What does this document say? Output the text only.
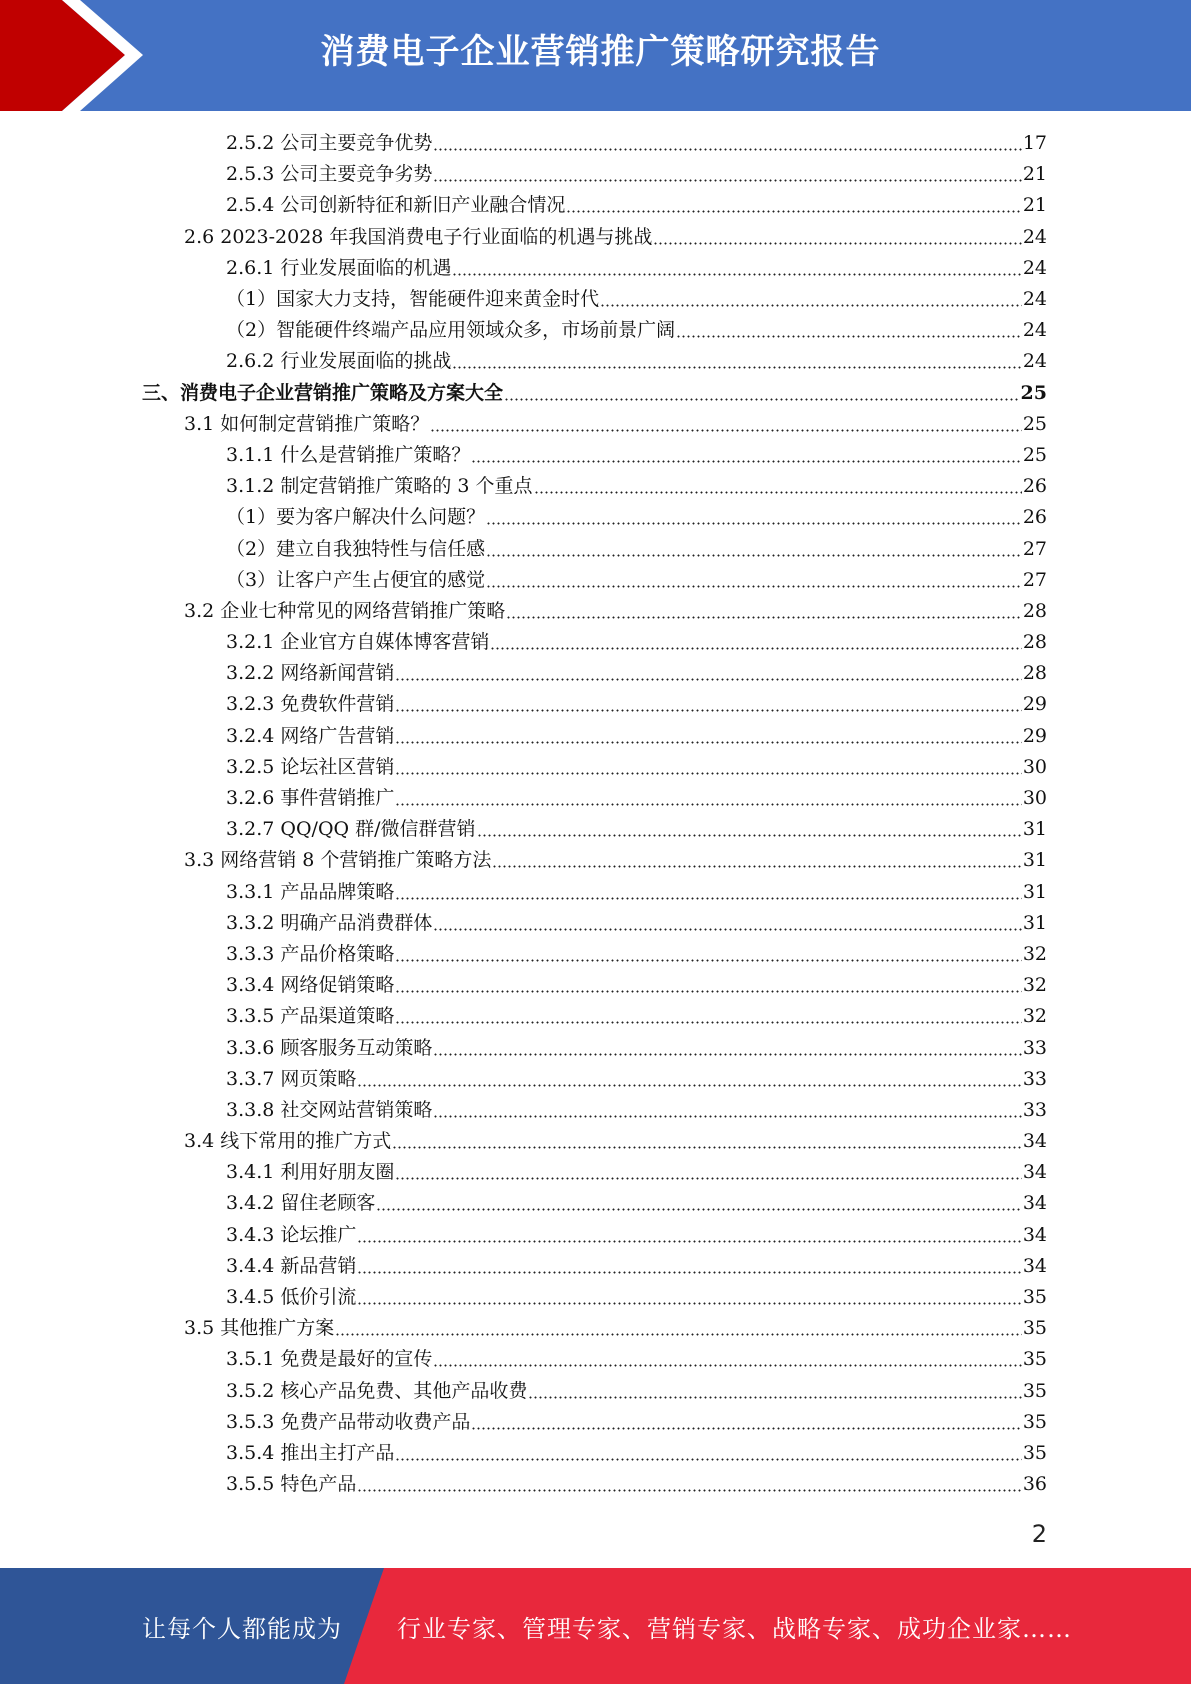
消费电子企业营销推广策略研究报告
2.5.2 公司主要竞争优势	17
2.5.3 公司主要竞争劣势	21
2.5.4 公司创新特征和新旧产业融合情况	21
2.6 2023-2028 年我国消费电子行业面临的机遇与挑战	24
2.6.1 行业发展面临的机遇	24
（1）国家大力支持，智能硬件迎来黄金时代	24
（2）智能硬件终端产品应用领域众多，市场前景广阔	24
2.6.2 行业发展面临的挑战	24
三、消费电子企业营销推广策略及方案大全	25
3.1 如何制定营销推广策略？	25
3.1.1 什么是营销推广策略？	25
3.1.2 制定营销推广策略的 3 个重点	26
（1）要为客户解决什么问题？	26
（2）建立自我独特性与信任感	27
（3）让客户产生占便宜的感觉	27
3.2 企业七种常见的网络营销推广策略	28
3.2.1 企业官方自媒体博客营销	28
3.2.2 网络新闻营销	28
3.2.3 免费软件营销	29
3.2.4 网络广告营销	29
3.2.5 论坛社区营销	30
3.2.6 事件营销推广	30
3.2.7 QQ/QQ 群/微信群营销	31
3.3 网络营销 8 个营销推广策略方法	31
3.3.1 产品品牌策略	31
3.3.2 明确产品消费群体	31
3.3.3 产品价格策略	32
3.3.4 网络促销策略	32
3.3.5 产品渠道策略	32
3.3.6 顾客服务互动策略	33
3.3.7 网页策略	33
3.3.8 社交网站营销策略	33
3.4 线下常用的推广方式	34
3.4.1 利用好朋友圈	34
3.4.2 留住老顾客	34
3.4.3 论坛推广	34
3.4.4 新品营销	34
3.4.5 低价引流	35
3.5 其他推广方案	35
3.5.1 免费是最好的宣传	35
3.5.2 核心产品免费、其他产品收费	35
3.5.3 免费产品带动收费产品	35
3.5.4 推出主打产品	35
3.5.5 特色产品	36
2
让每个人都能成为 行业专家、管理专家、营销专家、战略专家、成功企业家……
